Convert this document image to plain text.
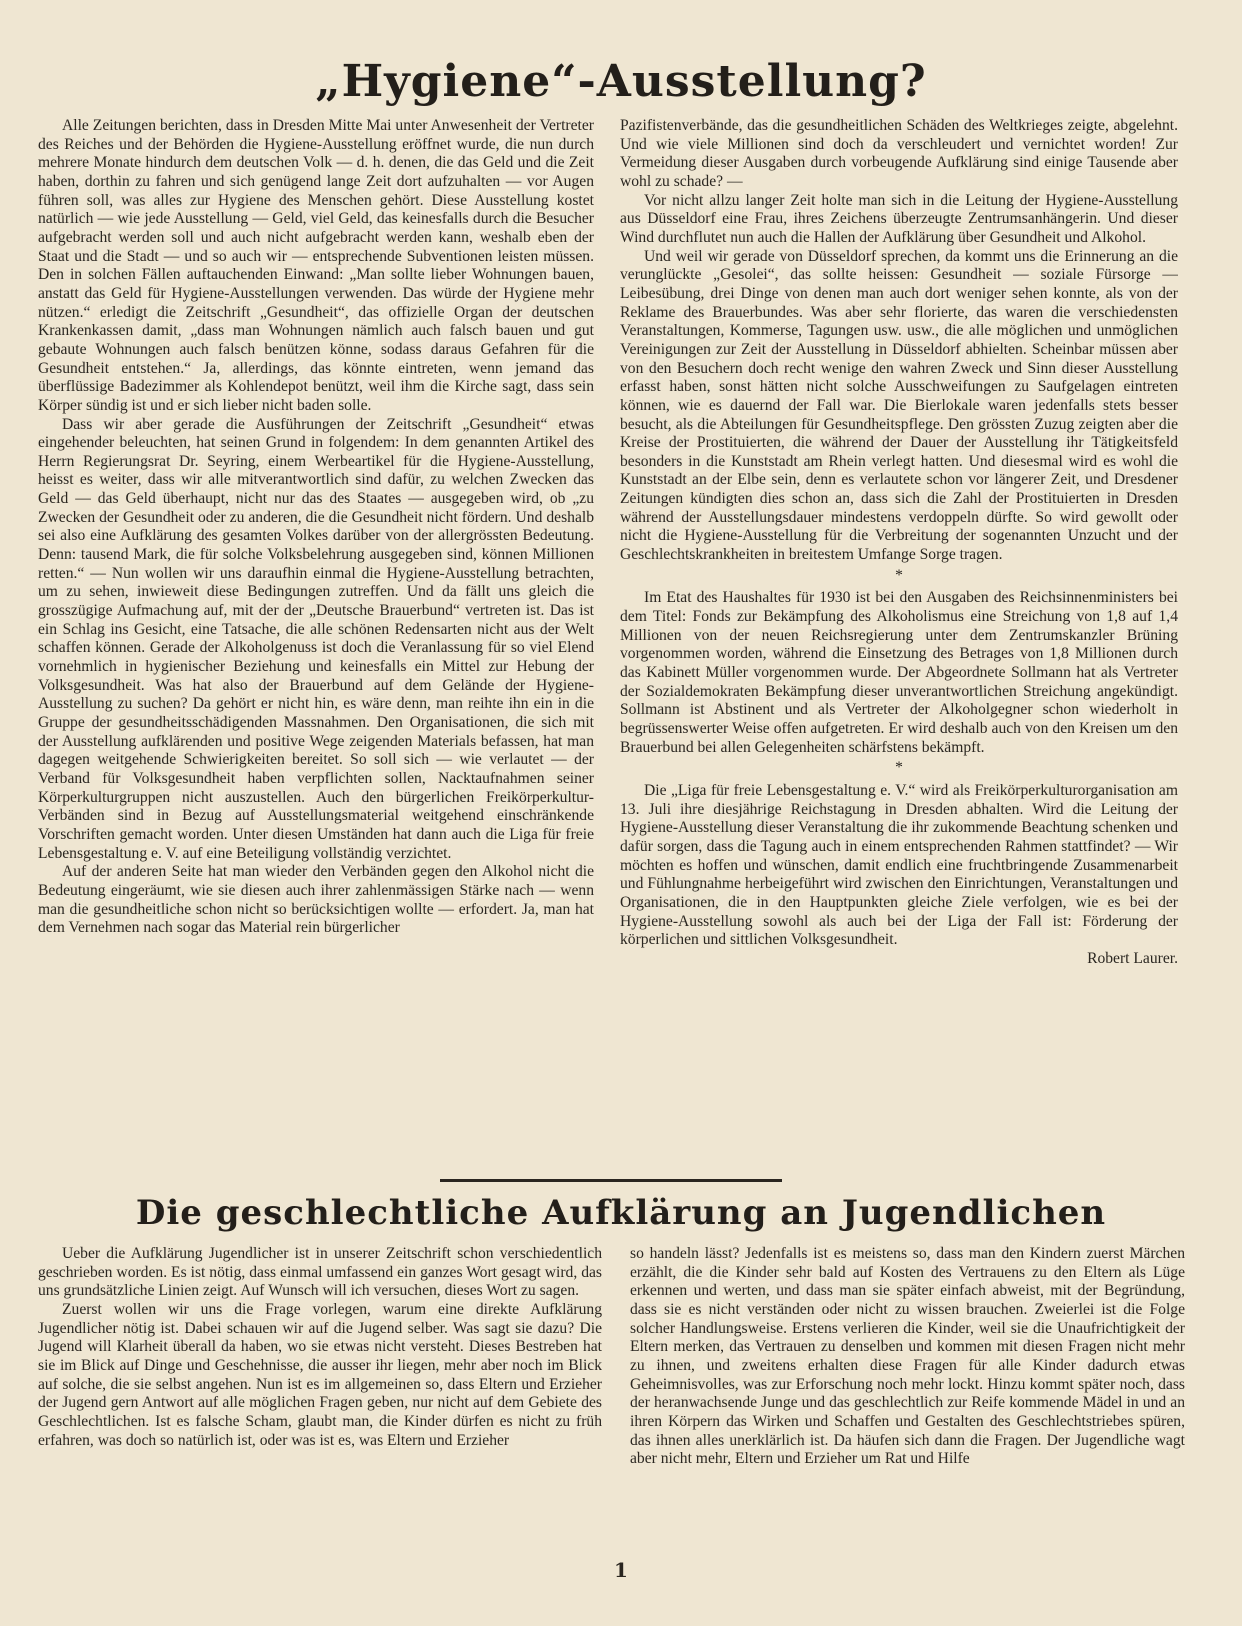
„Hygiene“-Ausstellung?

Alle Zeitungen berichten, dass in Dresden Mitte Mai unter Anwesenheit der Vertreter des Reiches und der Behörden die Hygiene-Ausstellung eröffnet wurde, die nun durch mehrere Monate hindurch dem deutschen Volk — d. h. denen, die das Geld und die Zeit haben, dorthin zu fahren und sich genügend lange Zeit dort aufzuhalten — vor Augen führen soll, was alles zur Hygiene des Menschen gehört. Diese Ausstellung kostet natürlich — wie jede Ausstellung — Geld, viel Geld, das keinesfalls durch die Besucher aufgebracht werden soll und auch nicht aufgebracht werden kann, weshalb eben der Staat und die Stadt — und so auch wir — entsprechende Subventionen leisten müssen. Den in solchen Fällen auftauchenden Einwand: „Man sollte lieber Wohnungen bauen, anstatt das Geld für Hygiene-Ausstellungen verwenden. Das würde der Hygiene mehr nützen.“ erledigt die Zeitschrift „Gesundheit“, das offizielle Organ der deutschen Krankenkassen damit, „dass man Wohnungen nämlich auch falsch bauen und gut gebaute Wohnungen auch falsch benützen könne, sodass daraus Gefahren für die Gesundheit entstehen.“ Ja, allerdings, das könnte eintreten, wenn jemand das überflüssige Badezimmer als Kohlendepot benützt, weil ihm die Kirche sagt, dass sein Körper sündig ist und er sich lieber nicht baden solle.

Dass wir aber gerade die Ausführungen der Zeitschrift „Gesundheit“ etwas eingehender beleuchten, hat seinen Grund in folgendem: In dem genannten Artikel des Herrn Regierungsrat Dr. Seyring, einem Werbeartikel für die Hygiene-Ausstellung, heisst es weiter, dass wir alle mitverantwortlich sind dafür, zu welchen Zwecken das Geld — das Geld überhaupt, nicht nur das des Staates — ausgegeben wird, ob „zu Zwecken der Gesundheit oder zu anderen, die die Gesundheit nicht fördern. Und deshalb sei also eine Aufklärung des gesamten Volkes darüber von der allergrössten Bedeutung. Denn: tausend Mark, die für solche Volksbelehrung ausgegeben sind, können Millionen retten.“ — Nun wollen wir uns daraufhin einmal die Hygiene-Ausstellung betrachten, um zu sehen, inwieweit diese Bedingungen zutreffen. Und da fällt uns gleich die grosszügige Aufmachung auf, mit der der „Deutsche Brauerbund“ vertreten ist. Das ist ein Schlag ins Gesicht, eine Tatsache, die alle schönen Redensarten nicht aus der Welt schaffen können. Gerade der Alkoholgenuss ist doch die Veranlassung für so viel Elend vornehmlich in hygienischer Beziehung und keinesfalls ein Mittel zur Hebung der Volksgesundheit. Was hat also der Brauerbund auf dem Gelände der Hygiene-Ausstellung zu suchen? Da gehört er nicht hin, es wäre denn, man reihte ihn ein in die Gruppe der gesundheitsschädigenden Massnahmen. Den Organisationen, die sich mit der Ausstellung aufklärenden und positive Wege zeigenden Materials befassen, hat man dagegen weitgehende Schwierigkeiten bereitet. So soll sich — wie verlautet — der Verband für Volksgesundheit haben verpflichten sollen, Nacktaufnahmen seiner Körperkulturgruppen nicht auszustellen. Auch den bürgerlichen Freikörperkultur-Verbänden sind in Bezug auf Ausstellungsmaterial weitgehend einschränkende Vorschriften gemacht worden. Unter diesen Umständen hat dann auch die Liga für freie Lebensgestaltung e. V. auf eine Beteiligung vollständig verzichtet.

Auf der anderen Seite hat man wieder den Verbänden gegen den Alkohol nicht die Bedeutung eingeräumt, wie sie diesen auch ihrer zahlenmässigen Stärke nach — wenn man die gesundheitliche schon nicht so berücksichtigen wollte — erfordert. Ja, man hat dem Vernehmen nach sogar das Material rein bürgerlicher

Pazifistenverbände, das die gesundheitlichen Schäden des Weltkrieges zeigte, abgelehnt. Und wie viele Millionen sind doch da verschleudert und vernichtet worden! Zur Vermeidung dieser Ausgaben durch vorbeugende Aufklärung sind einige Tausende aber wohl zu schade? —

Vor nicht allzu langer Zeit holte man sich in die Leitung der Hygiene-Ausstellung aus Düsseldorf eine Frau, ihres Zeichens überzeugte Zentrumsanhängerin. Und dieser Wind durchflutet nun auch die Hallen der Aufklärung über Gesundheit und Alkohol.

Und weil wir gerade von Düsseldorf sprechen, da kommt uns die Erinnerung an die verunglückte „Gesolei“, das sollte heissen: Gesundheit — soziale Fürsorge — Leibesübung, drei Dinge von denen man auch dort weniger sehen konnte, als von der Reklame des Brauerbundes. Was aber sehr florierte, das waren die verschiedensten Veranstaltungen, Kommerse, Tagungen usw. usw., die alle möglichen und unmöglichen Vereinigungen zur Zeit der Ausstellung in Düsseldorf abhielten. Scheinbar müssen aber von den Besuchern doch recht wenige den wahren Zweck und Sinn dieser Ausstellung erfasst haben, sonst hätten nicht solche Ausschweifungen zu Saufgelagen eintreten können, wie es dauernd der Fall war. Die Bierlokale waren jedenfalls stets besser besucht, als die Abteilungen für Gesundheitspflege. Den grössten Zuzug zeigten aber die Kreise der Prostituierten, die während der Dauer der Ausstellung ihr Tätigkeitsfeld besonders in die Kunststadt am Rhein verlegt hatten. Und diesesmal wird es wohl die Kunststadt an der Elbe sein, denn es verlautete schon vor längerer Zeit, und Dresdener Zeitungen kündigten dies schon an, dass sich die Zahl der Prostituierten in Dresden während der Ausstellungsdauer mindestens verdoppeln dürfte. So wird gewollt oder nicht die Hygiene-Ausstellung für die Verbreitung der sogenannten Unzucht und der Geschlechtskrankheiten in breitestem Umfange Sorge tragen.

*

Im Etat des Haushaltes für 1930 ist bei den Ausgaben des Reichsinnenministers bei dem Titel: Fonds zur Bekämpfung des Alkoholismus eine Streichung von 1,8 auf 1,4 Millionen von der neuen Reichsregierung unter dem Zentrumskanzler Brüning vorgenommen worden, während die Einsetzung des Betrages von 1,8 Millionen durch das Kabinett Müller vorgenommen wurde. Der Abgeordnete Sollmann hat als Vertreter der Sozialdemokraten Bekämpfung dieser unverantwortlichen Streichung angekündigt. Sollmann ist Abstinent und als Vertreter der Alkoholgegner schon wiederholt in begrüssenswerter Weise offen aufgetreten. Er wird deshalb auch von den Kreisen um den Brauerbund bei allen Gelegenheiten schärfstens bekämpft.

*

Die „Liga für freie Lebensgestaltung e. V.“ wird als Freikörperkulturorganisation am 13. Juli ihre diesjährige Reichstagung in Dresden abhalten. Wird die Leitung der Hygiene-Ausstellung dieser Veranstaltung die ihr zukommende Beachtung schenken und dafür sorgen, dass die Tagung auch in einem entsprechenden Rahmen stattfindet? — Wir möchten es hoffen und wünschen, damit endlich eine fruchtbringende Zusammenarbeit und Fühlungnahme herbeigeführt wird zwischen den Einrichtungen, Veranstaltungen und Organisationen, die in den Hauptpunkten gleiche Ziele verfolgen, wie es bei der Hygiene-Ausstellung sowohl als auch bei der Liga der Fall ist: Förderung der körperlichen und sittlichen Volksgesundheit.

Robert Laurer.

Die geschlechtliche Aufklärung an Jugendlichen

Ueber die Aufklärung Jugendlicher ist in unserer Zeitschrift schon verschiedentlich geschrieben worden. Es ist nötig, dass einmal umfassend ein ganzes Wort gesagt wird, das uns grundsätzliche Linien zeigt. Auf Wunsch will ich versuchen, dieses Wort zu sagen.

Zuerst wollen wir uns die Frage vorlegen, warum eine direkte Aufklärung Jugendlicher nötig ist. Dabei schauen wir auf die Jugend selber. Was sagt sie dazu? Die Jugend will Klarheit überall da haben, wo sie etwas nicht versteht. Dieses Bestreben hat sie im Blick auf Dinge und Geschehnisse, die ausser ihr liegen, mehr aber noch im Blick auf solche, die sie selbst angehen. Nun ist es im allgemeinen so, dass Eltern und Erzieher der Jugend gern Antwort auf alle möglichen Fragen geben, nur nicht auf dem Gebiete des Geschlechtlichen. Ist es falsche Scham, glaubt man, die Kinder dürfen es nicht zu früh erfahren, was doch so natürlich ist, oder was ist es, was Eltern und Erzieher

so handeln lässt? Jedenfalls ist es meistens so, dass man den Kindern zuerst Märchen erzählt, die die Kinder sehr bald auf Kosten des Vertrauens zu den Eltern als Lüge erkennen und werten, und dass man sie später einfach abweist, mit der Begründung, dass sie es nicht verständen oder nicht zu wissen brauchen. Zweierlei ist die Folge solcher Handlungsweise. Erstens verlieren die Kinder, weil sie die Unaufrichtigkeit der Eltern merken, das Vertrauen zu denselben und kommen mit diesen Fragen nicht mehr zu ihnen, und zweitens erhalten diese Fragen für alle Kinder dadurch etwas Geheimnisvolles, was zur Erforschung noch mehr lockt. Hinzu kommt später noch, dass der heranwachsende Junge und das geschlechtlich zur Reife kommende Mädel in und an ihren Körpern das Wirken und Schaffen und Gestalten des Geschlechtstriebes spüren, das ihnen alles unerklärlich ist. Da häufen sich dann die Fragen. Der Jugendliche wagt aber nicht mehr, Eltern und Erzieher um Rat und Hilfe

1
